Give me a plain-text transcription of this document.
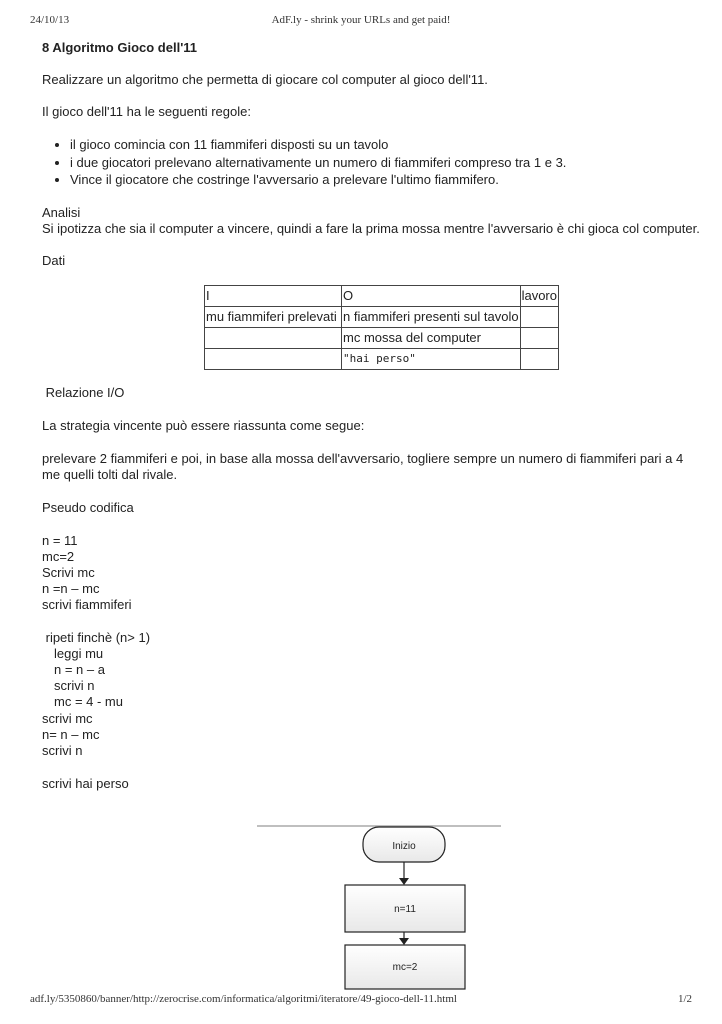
24/10/13	AdF.ly - shrink your URLs and get paid!

8 Algoritmo Gioco dell'11

Realizzare un algoritmo che permetta di giocare col computer al gioco dell'11.

Il gioco dell'11 ha le seguenti regole:

• il gioco comincia con 11 fiammiferi disposti su un tavolo
• i due giocatori prelevano alternativamente un numero di fiammiferi compreso tra 1 e 3.
• Vince il giocatore che costringe l'avversario a prelevare l'ultimo fiammifero.

Analisi

Si ipotizza che sia il computer a vincere, quindi a fare la prima mossa mentre l'avversario è chi gioca col computer.

Dati

I	O	lavoro
mu fiammiferi prelevati	n fiammiferi presenti sul tavolo	
	mc mossa del computer	
	"hai perso"	

Relazione I/O

La strategia vincente può essere riassunta come segue:

prelevare 2 fiammiferi e poi, in base alla mossa dell'avversario, togliere sempre un numero di fiammiferi pari a 4 me quelli tolti dal rivale.

Pseudo codifica

n = 11

mc=2

Scrivi mc

n =n – mc

scrivi fiammiferi

ripeti finchè (n> 1)

leggi mu

n = n – a

scrivi n

mc = 4 - mu

scrivi mc

n= n – mc

scrivi n

scrivi hai perso

Inizio
n=11
mc=2
adf.ly/5350860/banner/http://zerocrise.com/informatica/algoritmi/iteratore/49-gioco-dell-11.html	1/2
